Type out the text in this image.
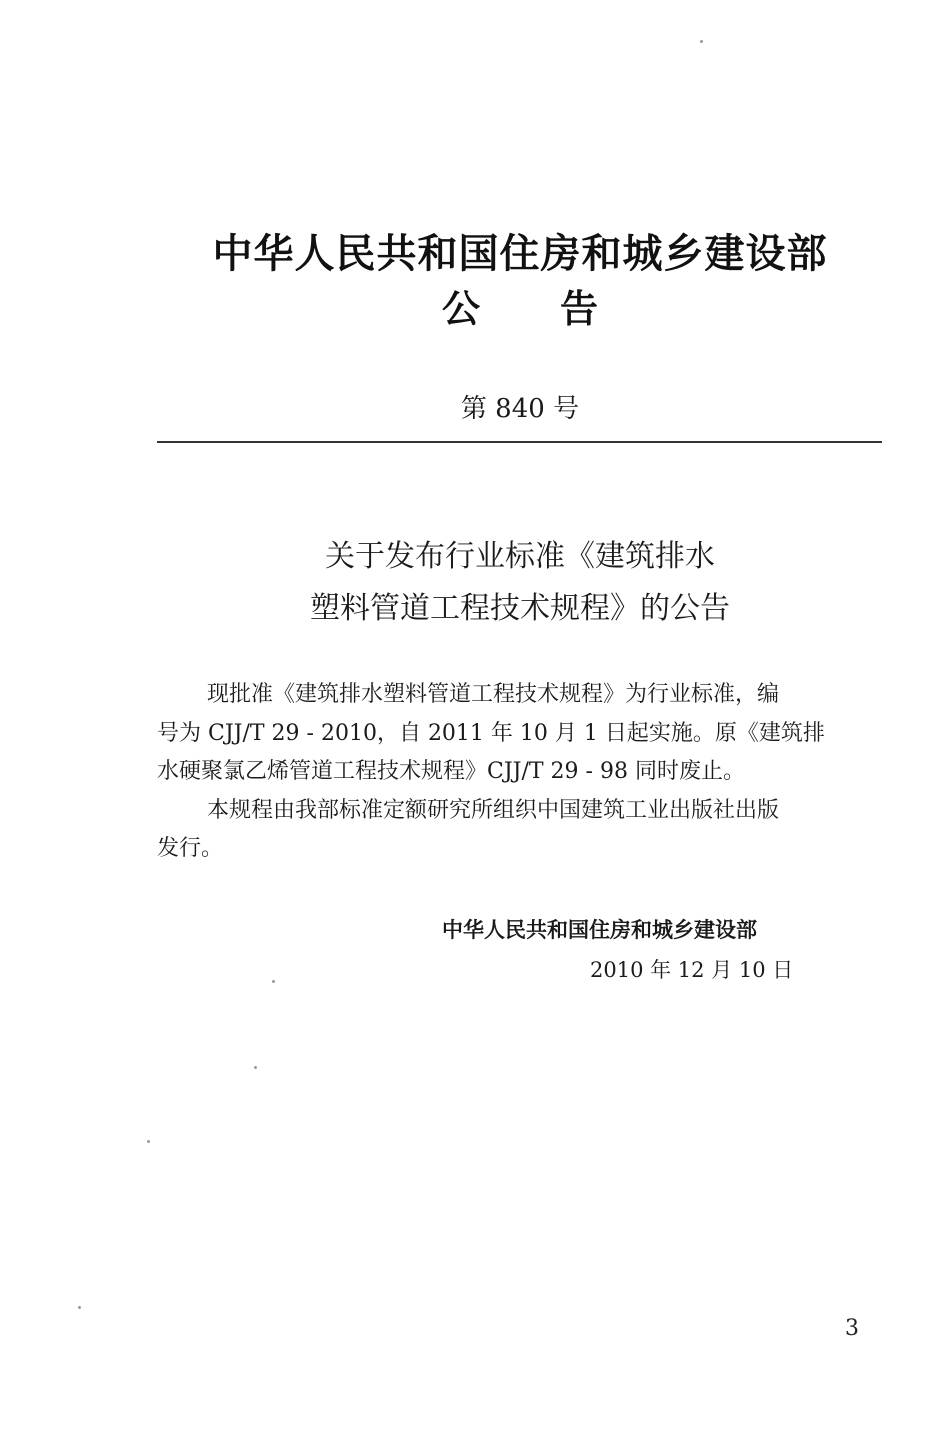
中华人民共和国住房和城乡建设部
公告
第 840 号
关于发布行业标准《建筑排水
塑料管道工程技术规程》的公告
现批准《建筑排水塑料管道工程技术规程》为行业标准，编
号为 CJJ/T 29 - 2010，自 2011 年 10 月 1 日起实施。原《建筑排
水硬聚氯乙烯管道工程技术规程》CJJ/T 29 - 98 同时废止。
本规程由我部标准定额研究所组织中国建筑工业出版社出版
发行。
中华人民共和国住房和城乡建设部
2010 年 12 月 10 日
3
